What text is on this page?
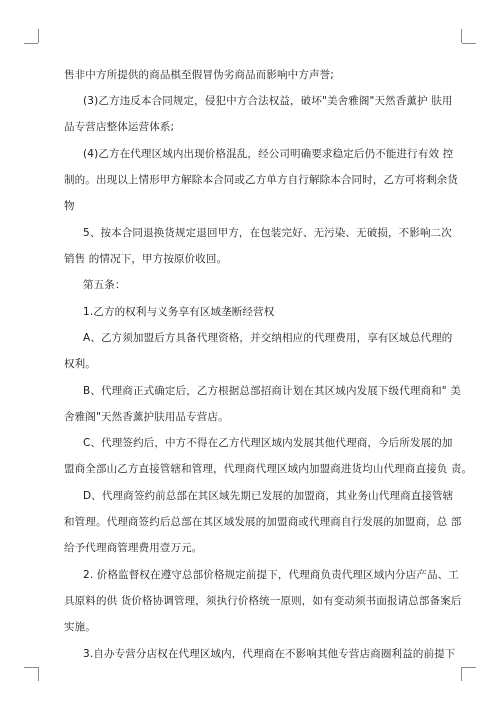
售非中方所提供的商品棋至假冒伪劣商品而影响中方声誉;
(3)乙方违反本合同规定，侵犯中方合法权益，破坏"美舍雅阁"天然香薰护 肤用
品专营店整体运营体系;
(4)乙方在代理区域内出现价格混乱，经公司明确要求稳定后仍不能进行有效 控
制的。出现以上情形甲方解除本合同或乙方单方自行解除本合同时，乙方可将剩余货
物
5、按本合同退换货规定退回甲方，在包装完好、无污染、无破损，不影响二次
销售 的情况下，甲方按原价收回。
第五条：
1.乙方的权利与义务享有区域垄断经营权
A、乙方须加盟后方具备代理资格，并交纳相应的代理费用，享有区域总代理的
权利。
B、代理商正式确定后，乙方根据总部招商计划在其区域内发展下级代理商和" 美
舍雅阁"天然香薰护肤用品专营店。
C、代理签约后，中方不得在乙方代理区域内发展其他代理商，今后所发展的加
盟商全部山乙方直接管辖和管理，代理商代理区域内加盟商进货均山代理商直接负 责。
D、代理商签约前总部在其区域先期已发展的加盟商，其业务山代理商直接管辖
和管理。代理商签约后总部在其区域发展的加盟商或代理商自行发展的加盟商，总 部
给予代理商管理费用壹万元。
2. 价格监督权在遵守总部价格规定前提下，代理商负责代理区域内分店产品、工
具原料的供 货价格协调管理，须执行价格统一原则，如有变动须书面报请总部备案后
实施。
3.自办专营分店权在代理区域内，代理商在不影响其他专营店商圈利益的前提下
